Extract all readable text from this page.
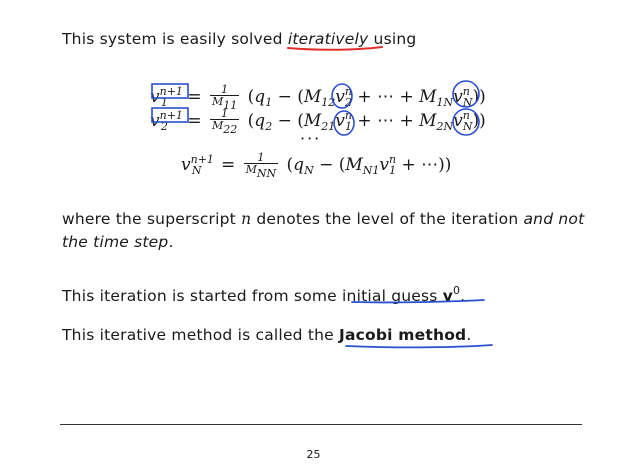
This system is easily solved iteratively using

$v^{n+1}_1 = \frac{1}{M11} (q_1 - (M_{12}v^n_2$ + ⋯ + $M_{1N}v^n_N$))
$v^{n+1}_2 = \frac{1}{M22} (q_2 - (M_{21}v^n_1$ + ⋯ + $M_{2N}v^n_N$))
···
$v^{n+1}_N = \frac{1}{\text{MNN}} (q_N - (M_{N1}v^n_1$ + ⋯))

where the superscript n denotes the level of the iteration and not the time step.

This iteration is started from some initial guess $v^0$.

This iterative method is called the Jacobi method.

25
